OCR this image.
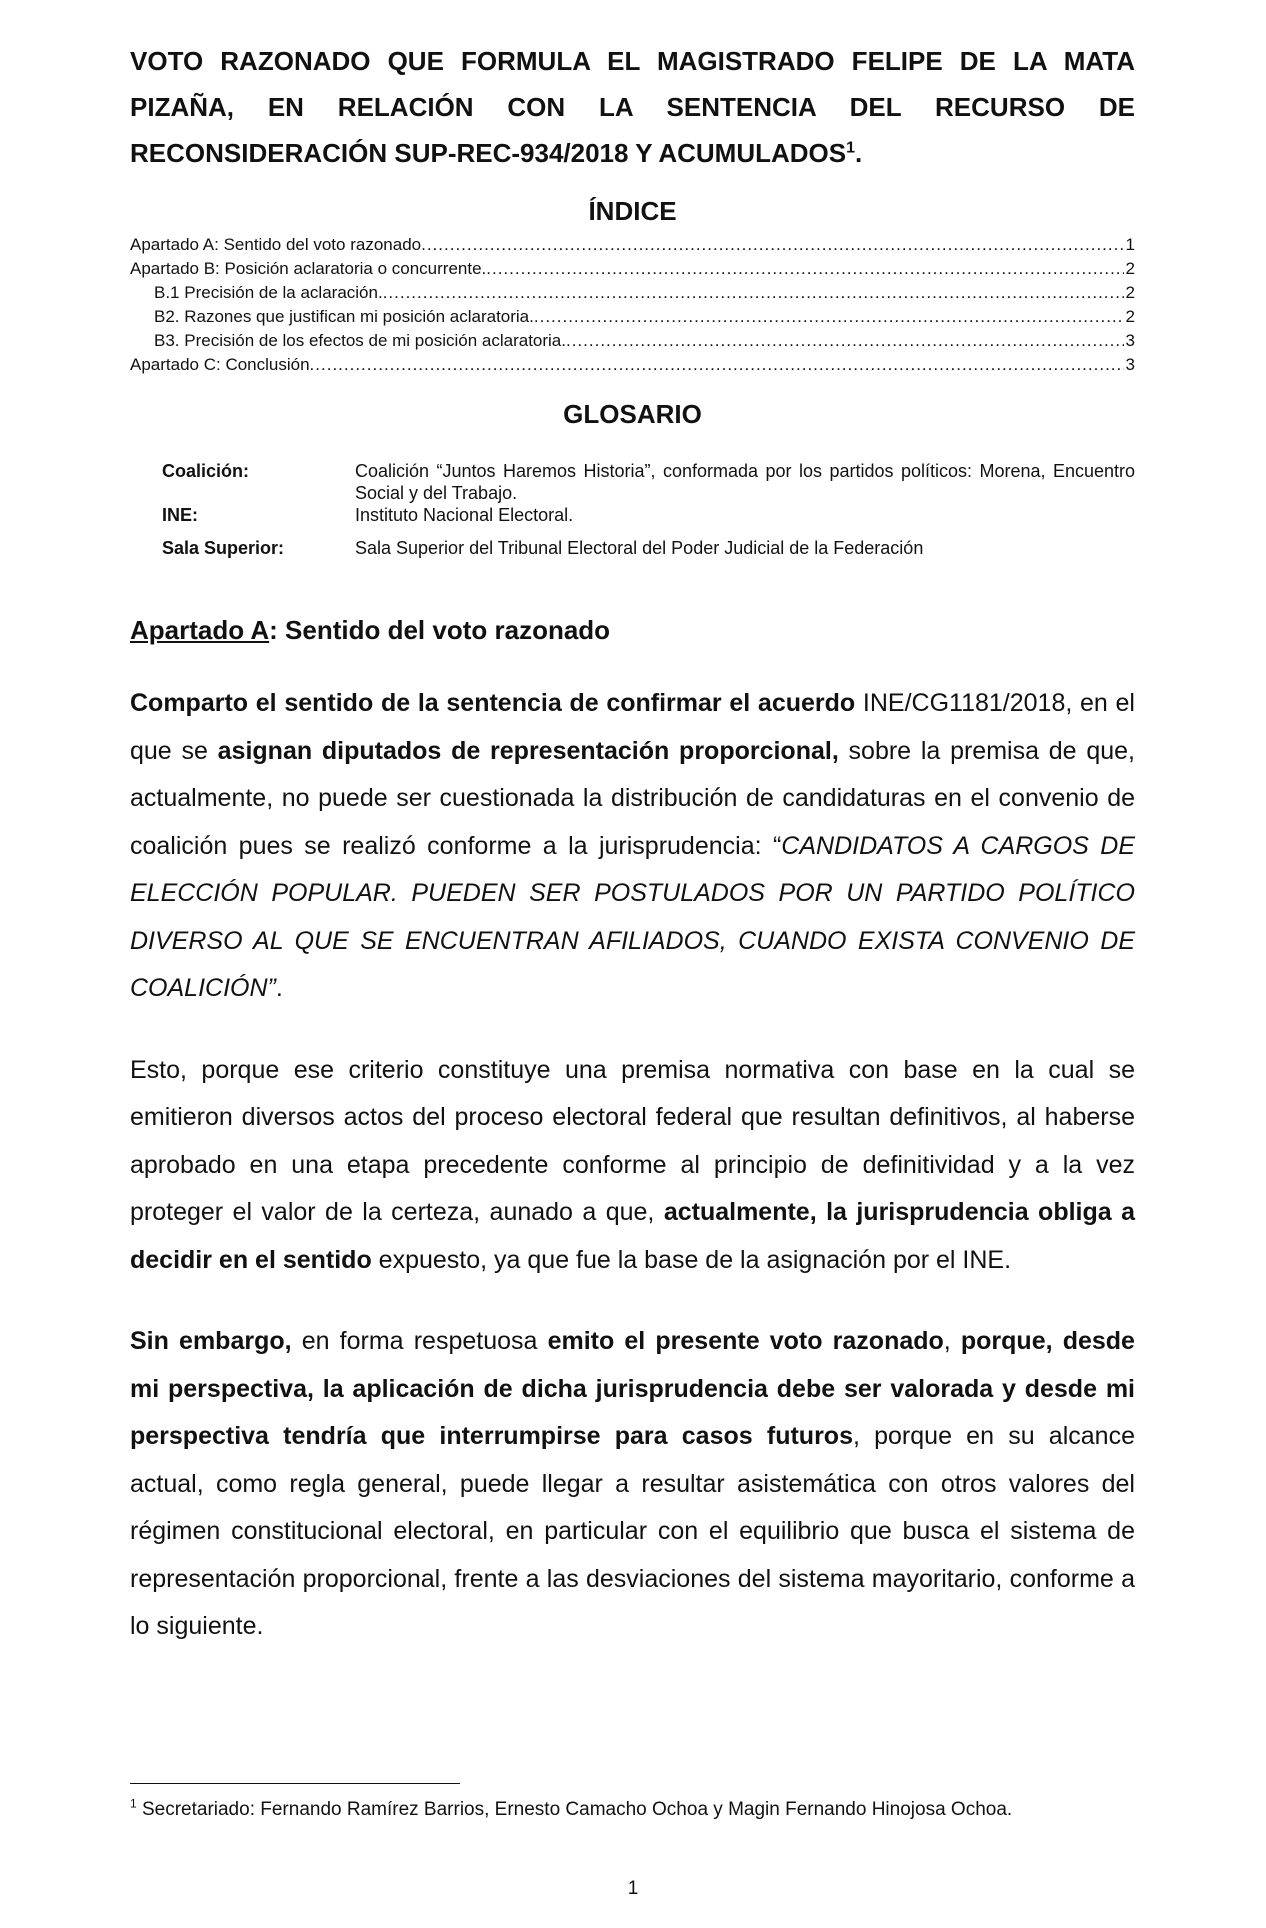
VOTO RAZONADO QUE FORMULA EL MAGISTRADO FELIPE DE LA MATA
PIZAÑA, EN RELACIÓN CON LA SENTENCIA DEL RECURSO DE
RECONSIDERACIÓN SUP-REC-934/2018 Y ACUMULADOS$^1$.
ÍNDICE
Apartado A: Sentido del voto razonado .....	1
Apartado B: Posición aclaratoria o concurrente. .....	2
B.1 Precisión de la aclaración. .....	2
B2. Razones que justifican mi posición aclaratoria. .....	2
B3. Precisión de los efectos de mi posición aclaratoria. .....	3
Apartado C: Conclusión .....	3
GLOSARIO
Coalición:	Coalición “Juntos Haremos Historia”, conformada por los partidos políticos: Morena, Encuentro Social y del Trabajo.
INE:	Instituto Nacional Electoral.
Sala Superior:	Sala Superior del Tribunal Electoral del Poder Judicial de la Federación
Apartado A: Sentido del voto razonado

Comparto el sentido de la sentencia de confirmar el acuerdo INE/CG1181/2018, en el que se asignan diputados de representación proporcional, sobre la premisa de que, actualmente, no puede ser cuestionada la distribución de candidaturas en el convenio de coalición pues se realizó conforme a la jurisprudencia: “CANDIDATOS A CARGOS DE ELECCIÓN POPULAR. PUEDEN SER POSTULADOS POR UN PARTIDO POLÍTICO DIVERSO AL QUE SE ENCUENTRAN AFILIADOS, CUANDO EXISTA CONVENIO DE COALICIÓN”.

Esto, porque ese criterio constituye una premisa normativa con base en la cual se emitieron diversos actos del proceso electoral federal que resultan definitivos, al haberse aprobado en una etapa precedente conforme al principio de definitividad y a la vez proteger el valor de la certeza, aunado a que, actualmente, la jurisprudencia obliga a decidir en el sentido expuesto, ya que fue la base de la asignación por el INE.

Sin embargo, en forma respetuosa emito el presente voto razonado, porque, desde mi perspectiva, la aplicación de dicha jurisprudencia debe ser valorada y desde mi perspectiva tendría que interrumpirse para casos futuros, porque en su alcance actual, como regla general, puede llegar a resultar asistemática con otros valores del régimen constitucional electoral, en particular con el equilibrio que busca el sistema de representación proporcional, frente a las desviaciones del sistema mayoritario, conforme a lo siguiente.

$^1$ Secretariado: Fernando Ramírez Barrios, Ernesto Camacho Ochoa y Magin Fernando Hinojosa Ochoa.
1
